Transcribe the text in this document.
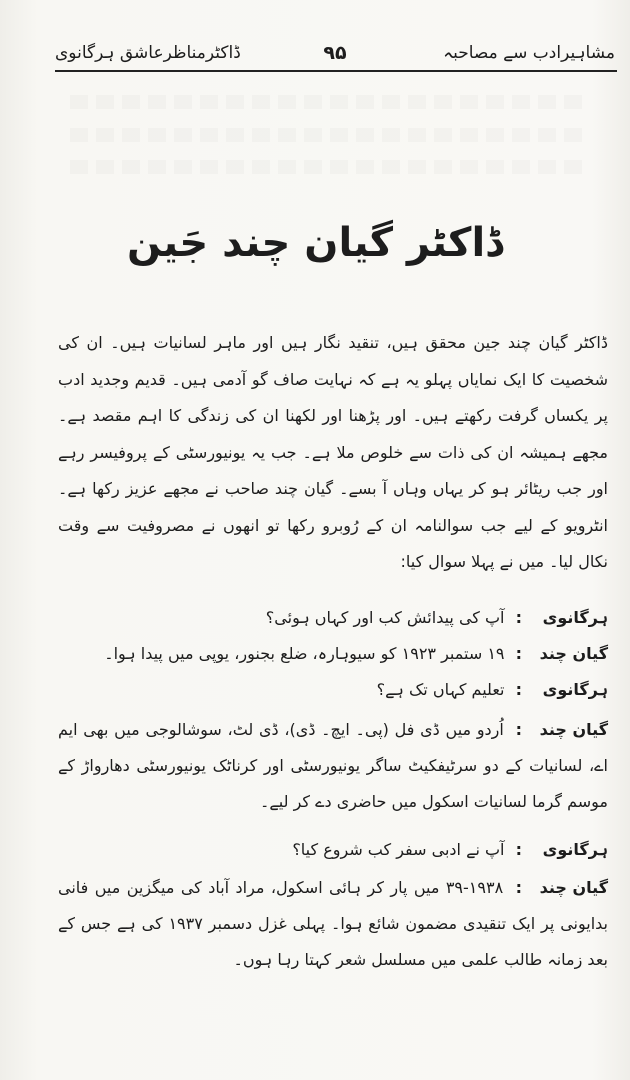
مشاہیرادب سے مصاحبہ
۹۵
ڈاکٹرمناظرعاشق ہرگانوی
ڈاکٹر گیان چند جَین
ڈاکٹر گیان چند جین محقق ہیں، تنقید نگار ہیں اور ماہر لسانیات ہیں۔ ان کی شخصیت کا ایک نمایاں پہلو یہ ہے کہ نہایت صاف گو آدمی ہیں۔ قدیم وجدید ادب پر یکساں گرفت رکھتے ہیں۔ اور پڑھنا اور لکھنا ان کی زندگی کا اہم مقصد ہے۔ مجھے ہمیشہ ان کی ذات سے خلوص ملا ہے۔ جب یہ یونیورسٹی کے پروفیسر رہے اور جب ریٹائر ہو کر یہاں وہاں آ بسے۔ گیان چند صاحب نے مجھے عزیز رکھا ہے۔ انٹرویو کے لیے جب سوالنامہ ان کے رُوبرو رکھا تو انھوں نے مصروفیت سے وقت نکال لیا۔ میں نے پہلا سوال کیا:
ہرگانوی: آپ کی پیدائش کب اور کہاں ہوئی؟
گیان چند: ۱۹ ستمبر ۱۹۲۳ کو سیوہارہ، ضلع بجنور، یوپی میں پیدا ہوا۔
ہرگانوی: تعلیم کہاں تک ہے؟
گیان چند: اُردو میں ڈی فل (پی۔ ایچ۔ ڈی)، ڈی لٹ، سوشالوجی میں بھی ایم اے، لسانیات کے دو سرٹیفکیٹ ساگر یونیورسٹی اور کرناٹک یونیورسٹی دھارواڑ کے موسم گرما لسانیات اسکول میں حاضری دے کر لیے۔
ہرگانوی: آپ نے ادبی سفر کب شروع کیا؟
گیان چند: ۳۹-۱۹۳۸ میں پار کر ہائی اسکول، مراد آباد کی میگزین میں فانی بدایونی پر ایک تنقیدی مضمون شائع ہوا۔ پہلی غزل دسمبر ۱۹۳۷ کی ہے جس کے بعد زمانہ طالب علمی میں مسلسل شعر کہتا رہا ہوں۔
